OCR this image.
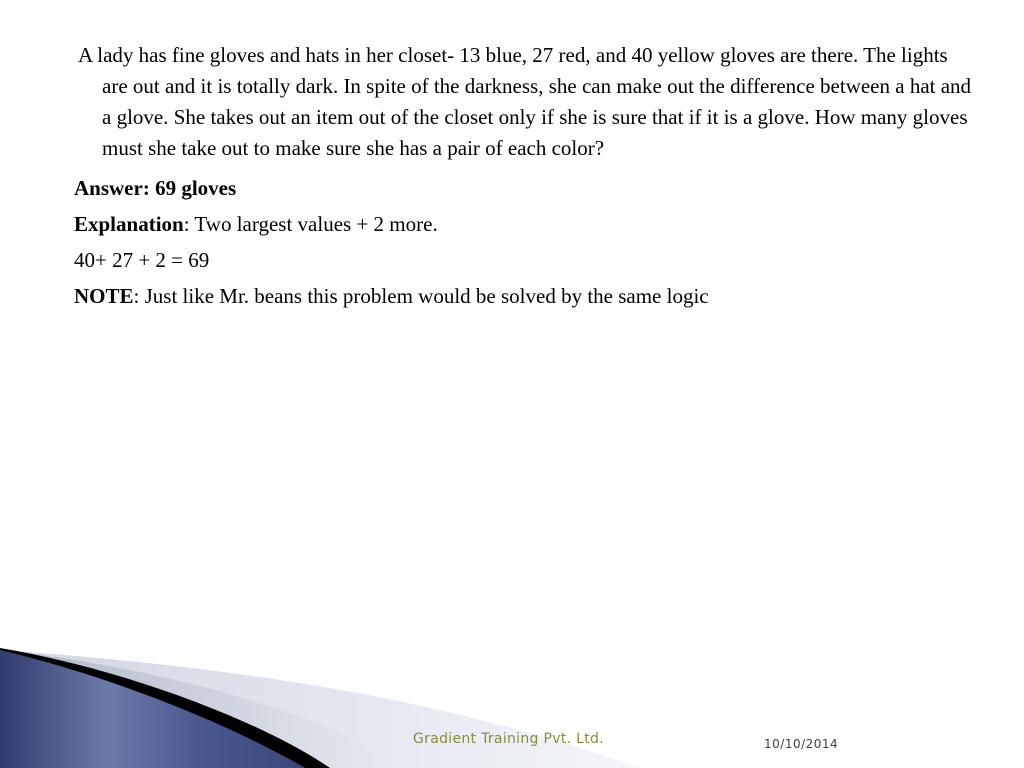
A lady has fine gloves and hats in her closet- 13 blue, 27 red, and 40 yellow gloves are there. The lights are out and it is totally dark. In spite of the darkness, she can make out the difference between a hat and a glove. She takes out an item out of the closet only if she is sure that if it is a glove. How many gloves must she take out to make sure she has a pair of each color?

Answer: 69 gloves

Explanation: Two largest values + 2 more.

40+ 27 + 2 = 69

NOTE: Just like Mr. beans this problem would be solved by the same logic

Gradient Training Pvt. Ltd.	10/10/2014
